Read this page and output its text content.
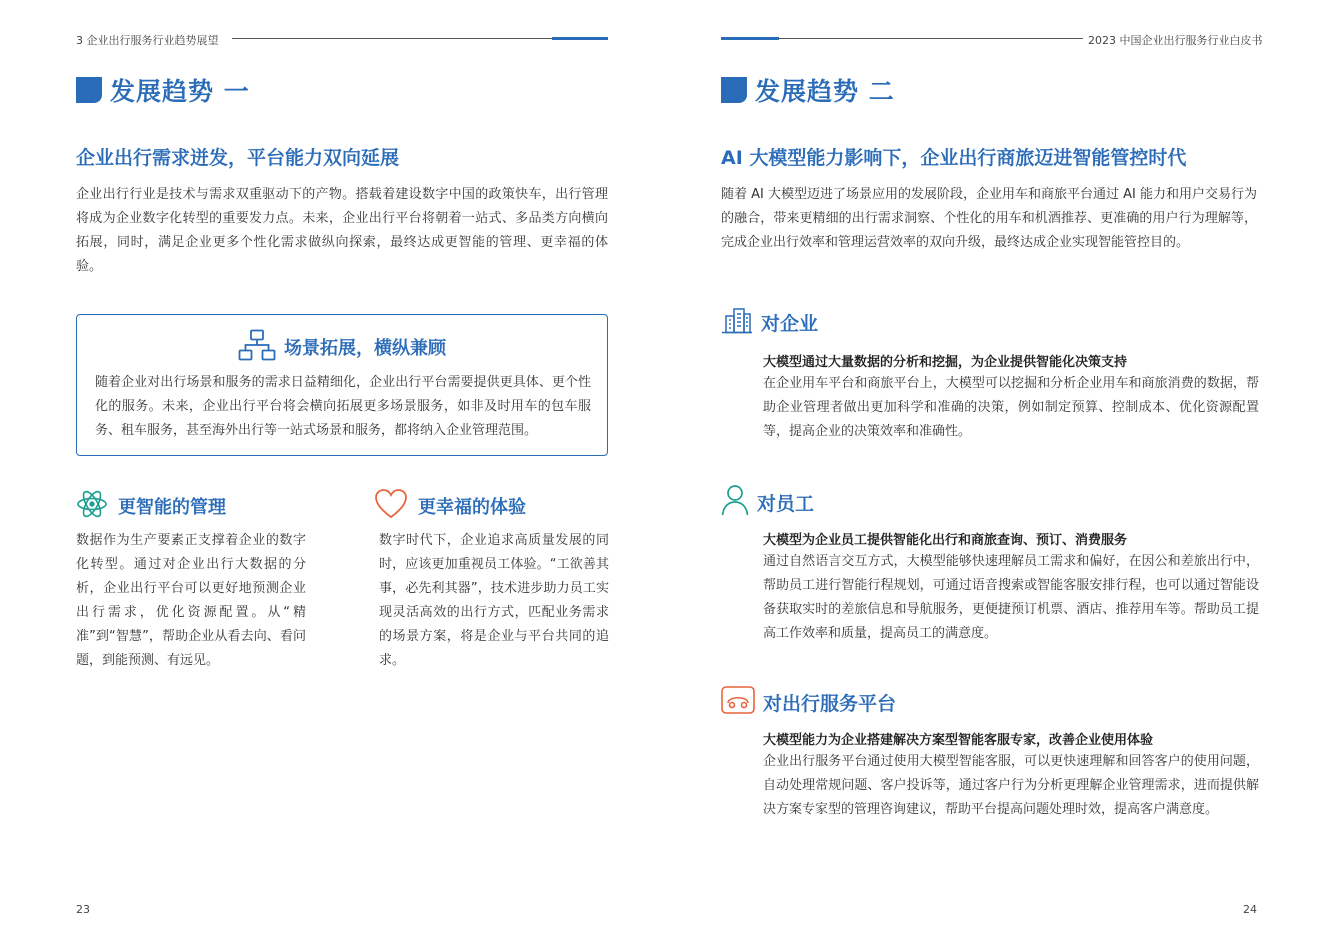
3 企业出行服务行业趋势展望
发展趋势 一
企业出行需求迸发，平台能力双向延展
企业出行行业是技术与需求双重驱动下的产物。搭载着建设数字中国的政策快车，出行管理将成为企业数字化转型的重要发力点。未来，企业出行平台将朝着一站式、多品类方向横向拓展，同时，满足企业更多个性化需求做纵向探索，最终达成更智能的管理、更幸福的体验。
场景拓展，横纵兼顾
随着企业对出行场景和服务的需求日益精细化，企业出行平台需要提供更具体、更个性化的服务。未来，企业出行平台将会横向拓展更多场景服务，如非及时用车的包车服务、租车服务，甚至海外出行等一站式场景和服务，都将纳入企业管理范围。
更智能的管理
数据作为生产要素正支撑着企业的数字化转型。通过对企业出行大数据的分析，企业出行平台可以更好地预测企业出行需求，优化资源配置。从“精准”到“智慧”，帮助企业从看去向、看问题，到能预测、有远见。
更幸福的体验
数字时代下，企业追求高质量发展的同时，应该更加重视员工体验。“工欲善其事，必先利其器”，技术进步助力员工实现灵活高效的出行方式，匹配业务需求的场景方案，将是企业与平台共同的追求。
23
2023 中国企业出行服务行业白皮书
发展趋势 二
AI 大模型能力影响下，企业出行商旅迈进智能管控时代
随着 AI 大模型迈进了场景应用的发展阶段，企业用车和商旅平台通过 AI 能力和用户交易行为的融合，带来更精细的出行需求洞察、个性化的用车和机酒推荐、更准确的用户行为理解等，完成企业出行效率和管理运营效率的双向升级，最终达成企业实现智能管控目的。
对企业
大模型通过大量数据的分析和挖掘，为企业提供智能化决策支持
在企业用车平台和商旅平台上，大模型可以挖掘和分析企业用车和商旅消费的数据，帮助企业管理者做出更加科学和准确的决策，例如制定预算、控制成本、优化资源配置等，提高企业的决策效率和准确性。
对员工
大模型为企业员工提供智能化出行和商旅查询、预订、消费服务
通过自然语言交互方式，大模型能够快速理解员工需求和偏好，在因公和差旅出行中，帮助员工进行智能行程规划，可通过语音搜索或智能客服安排行程，也可以通过智能设备获取实时的差旅信息和导航服务，更便捷预订机票、酒店、推荐用车等。帮助员工提高工作效率和质量，提高员工的满意度。
对出行服务平台
大模型能力为企业搭建解决方案型智能客服专家，改善企业使用体验
企业出行服务平台通过使用大模型智能客服，可以更快速理解和回答客户的使用问题，自动处理常规问题、客户投诉等，通过客户行为分析更理解企业管理需求，进而提供解决方案专家型的管理咨询建议，帮助平台提高问题处理时效，提高客户满意度。
24
